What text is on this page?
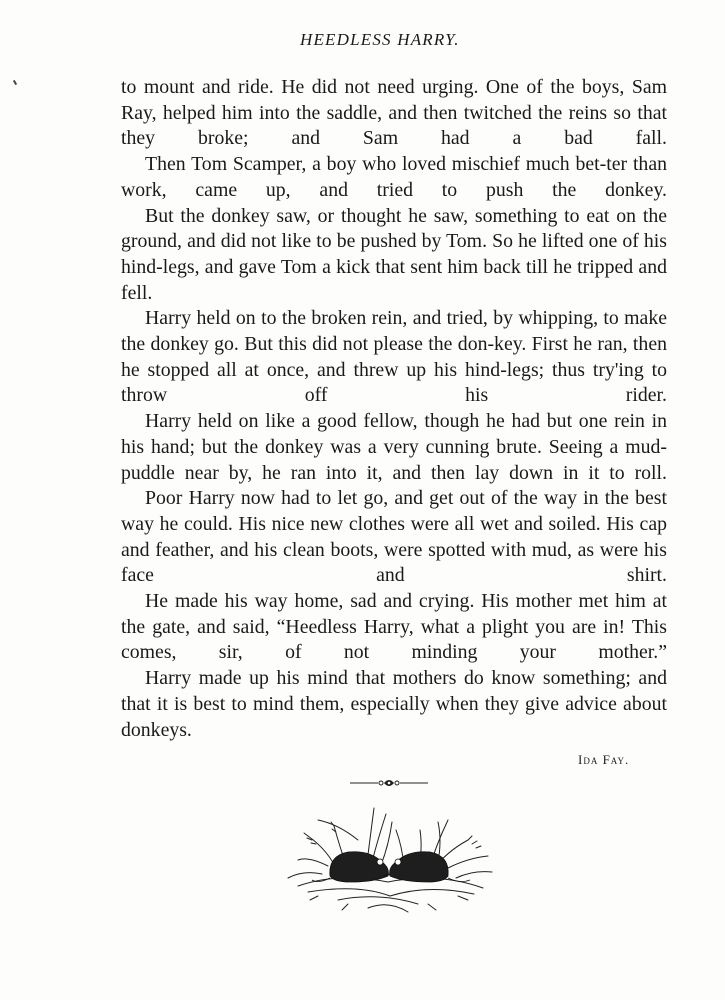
HEEDLESS HARRY.

to mount and ride. He did not need urging. One of the boys, Sam Ray, helped him into the saddle, and then twitched the reins so that they broke; and Sam had a bad fall.

Then Tom Scamper, a boy who loved mischief much bet-ter than work, came up, and tried to push the donkey.

But the donkey saw, or thought he saw, something to eat on the ground, and did not like to be pushed by Tom. So he lifted one of his hind-legs, and gave Tom a kick that sent him back till he tripped and fell.

Harry held on to the broken rein, and tried, by whipping, to make the donkey go. But this did not please the don-key. First he ran, then he stopped all at once, and threw up his hind-legs; thus try'ing to throw off his rider.

Harry held on like a good fellow, though he had but one rein in his hand; but the donkey was a very cunning brute. Seeing a mud-puddle near by, he ran into it, and then lay down in it to roll.

Poor Harry now had to let go, and get out of the way in the best way he could. His nice new clothes were all wet and soiled. His cap and feather, and his clean boots, were spotted with mud, as were his face and shirt.

He made his way home, sad and crying. His mother met him at the gate, and said, “Heedless Harry, what a plight you are in! This comes, sir, of not minding your mother.”

Harry made up his mind that mothers do know something; and that it is best to mind them, especially when they give advice about donkeys.

Ida Fay.
